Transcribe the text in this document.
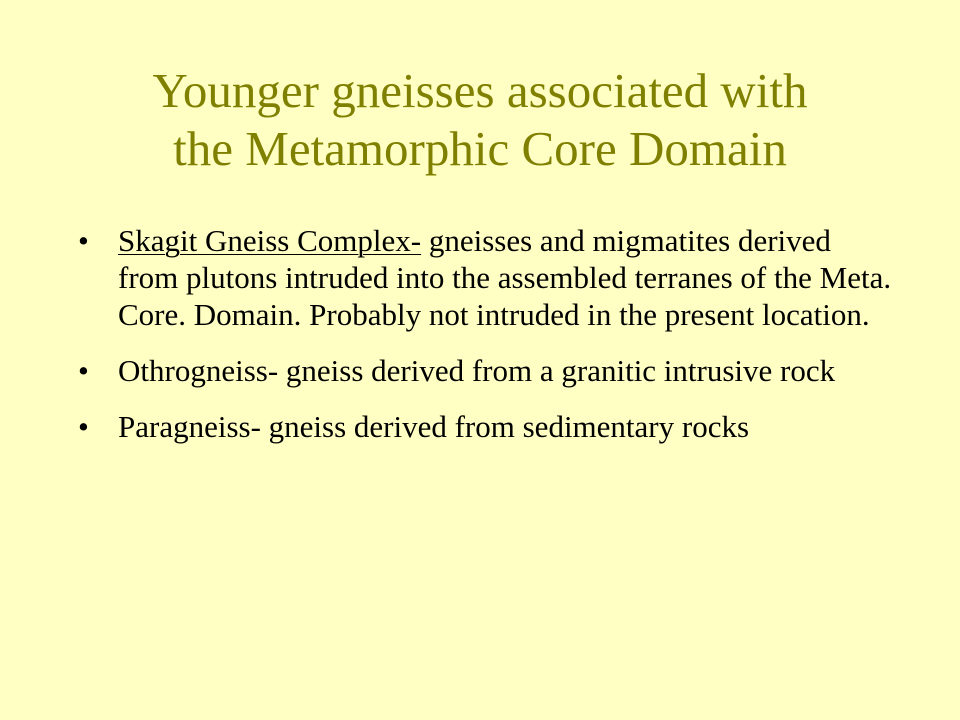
Younger gneisses associated with
the Metamorphic Core Domain
• Skagit Gneiss Complex- gneisses and migmatites derived from plutons intruded into the assembled terranes of the Meta. Core. Domain. Probably not intruded in the present location.
• Othrogneiss- gneiss derived from a granitic intrusive rock
• Paragneiss- gneiss derived from sedimentary rocks
